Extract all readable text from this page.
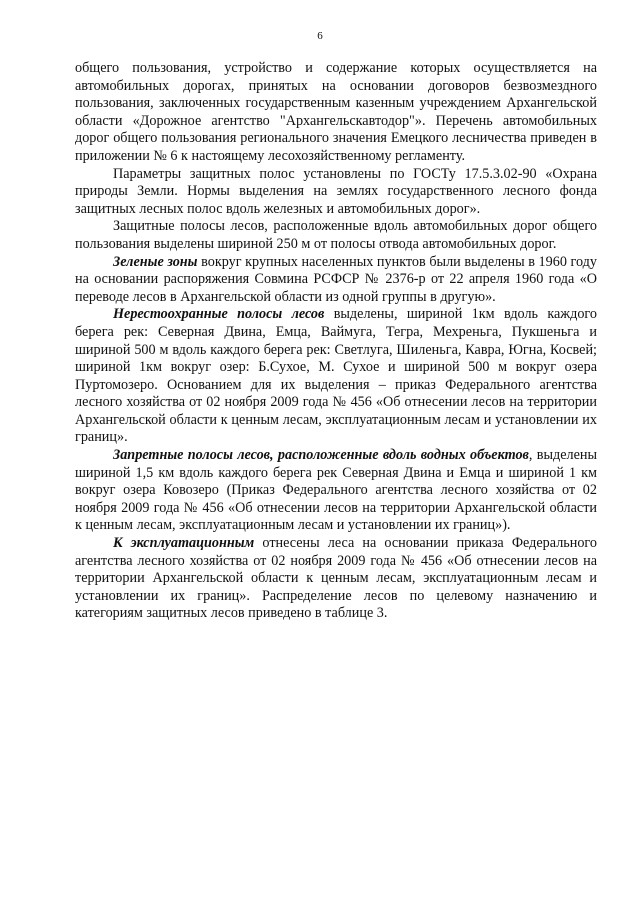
6

общего пользования, устройство и содержание которых осуществляется на автомобильных дорогах, принятых на основании договоров безвозмездного пользования, заключенных государственным казенным учреждением Архангельской области «Дорожное агентство "Архангельскавтодор"». Перечень автомобильных дорог общего пользования регионального значения Емецкого лесничества приведен в приложении № 6 к настоящему лесохозяйственному регламенту.

Параметры защитных полос установлены по ГОСТу 17.5.3.02-90 «Охрана природы Земли. Нормы выделения на землях государственного лесного фонда защитных лесных полос вдоль железных и автомобильных дорог».

Защитные полосы лесов, расположенные вдоль автомобильных дорог общего пользования выделены шириной 250 м от полосы отвода автомобильных дорог.

Зеленые зоны вокруг крупных населенных пунктов были выделены в 1960 году на основании распоряжения Совмина РСФСР № 2376-р от 22 апреля 1960 года «О переводе лесов в Архангельской области из одной группы в другую».

Нерестоохранные полосы лесов выделены, шириной 1км вдоль каждого берега рек: Северная Двина, Емца, Ваймуга, Тегра, Мехреньга, Пукшеньга и шириной 500 м вдоль каждого берега рек: Светлуга, Шиленьга, Кавра, Югна, Косвей; шириной 1км вокруг озер: Б.Сухое, М. Сухое и шириной 500 м вокруг озера Пуртомозеро. Основанием для их выделения – приказ Федерального агентства лесного хозяйства от 02 ноября 2009 года № 456 «Об отнесении лесов на территории Архангельской области к ценным лесам, эксплуатационным лесам и установлении их границ».

Запретные полосы лесов, расположенные вдоль водных объектов, выделены шириной 1,5 км вдоль каждого берега рек Северная Двина и Емца и шириной 1 км вокруг озера Ковозеро (Приказ Федерального агентства лесного хозяйства от 02 ноября 2009 года № 456 «Об отнесении лесов на территории Архангельской области к ценным лесам, эксплуатационным лесам и установлении их границ»).

К эксплуатационным отнесены леса на основании приказа Федерального агентства лесного хозяйства от 02 ноября 2009 года № 456 «Об отнесении лесов на территории Архангельской области к ценным лесам, эксплуатационным лесам и установлении их границ». Распределение лесов по целевому назначению и категориям защитных лесов приведено в таблице 3.
